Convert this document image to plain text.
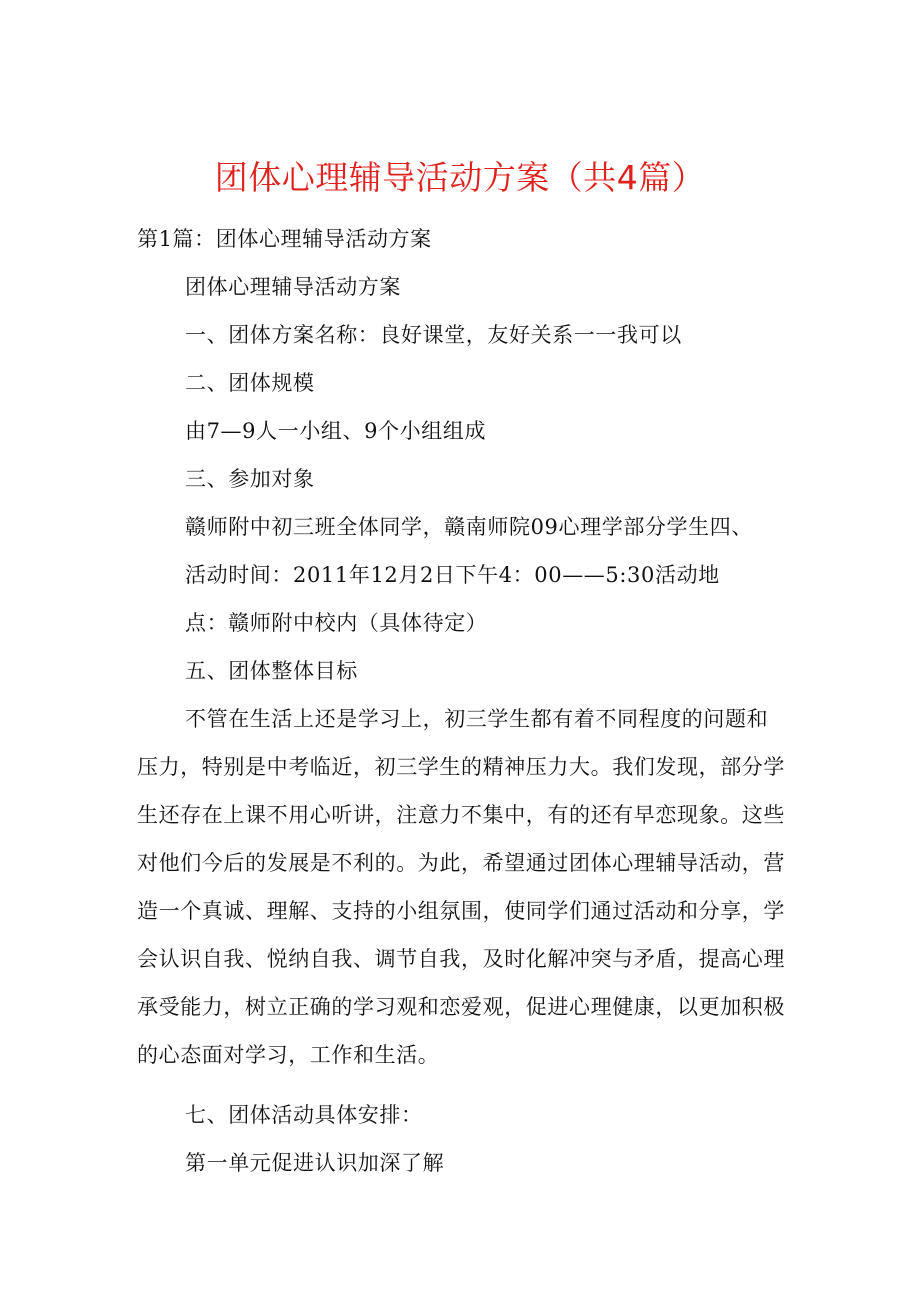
团体心理辅导活动方案（共4篇）
第1篇：团体心理辅导活动方案
团体心理辅导活动方案
一、团体方案名称：良好课堂，友好关系一一我可以
二、团体规模
由7—9人一小组、9个小组组成
三、参加对象
赣师附中初三班全体同学，赣南师院09心理学部分学生四、
活动时间：2011年12月2日下午4：00——5:30活动地
点：赣师附中校内（具体待定）
五、团体整体目标
不管在生活上还是学习上，初三学生都有着不同程度的问题和
压力，特别是中考临近，初三学生的精神压力大。我们发现，部分学
生还存在上课不用心听讲，注意力不集中，有的还有早恋现象。这些
对他们今后的发展是不利的。为此，希望通过团体心理辅导活动，营
造一个真诚、理解、支持的小组氛围，使同学们通过活动和分享，学
会认识自我、悦纳自我、调节自我，及时化解冲突与矛盾，提高心理
承受能力，树立正确的学习观和恋爱观，促进心理健康，以更加积极
的心态面对学习，工作和生活。
七、团体活动具体安排：
第一单元促进认识加深了解
